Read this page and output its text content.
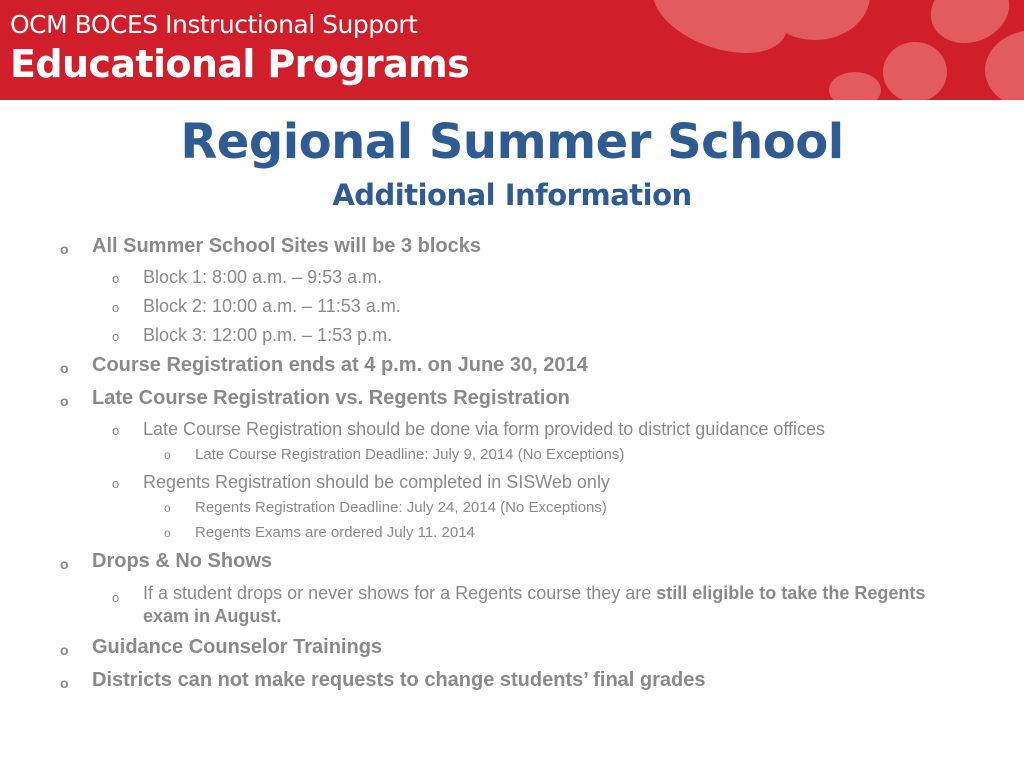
OCM BOCES Instructional Support
Educational Programs
Regional Summer School
Additional Information
o All Summer School Sites will be 3 blocks
o Block 1: 8:00 a.m. – 9:53 a.m.
o Block 2: 10:00 a.m. – 11:53 a.m.
o Block 3: 12:00 p.m. – 1:53 p.m.
o Course Registration ends at 4 p.m. on June 30, 2014
o Late Course Registration vs. Regents Registration
o Late Course Registration should be done via form provided to district guidance offices
o Late Course Registration Deadline: July 9, 2014 (No Exceptions)
o Regents Registration should be completed in SISWeb only
o Regents Registration Deadline: July 24, 2014 (No Exceptions)
o Regents Exams are ordered July 11. 2014
o Drops & No Shows
o If a student drops or never shows for a Regents course they are still eligible to take the Regents exam in August.
o Guidance Counselor Trainings
o Districts can not make requests to change students’ final grades
